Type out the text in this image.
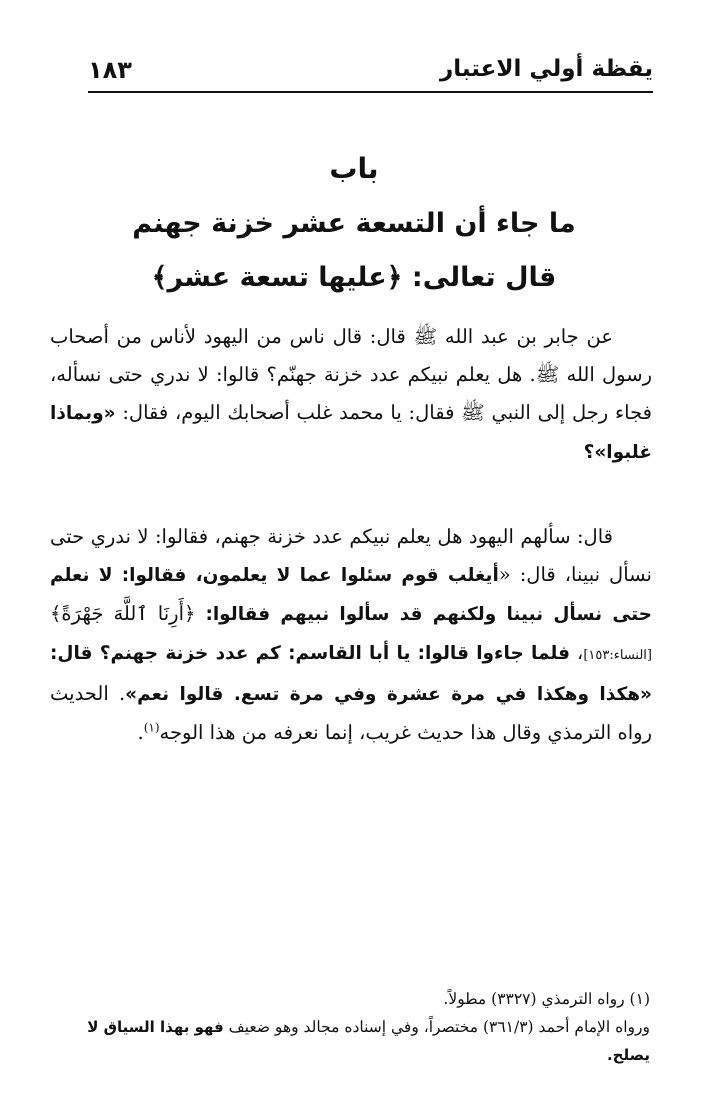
يقظة أولي الاعتبار
١٨٣
باب
ما جاء أن التسعة عشر خزنة جهنم
قال تعالى: ﴿عليها تسعة عشر﴾
  عن جابر بن عبد الله ﷺ قال: قال ناس من اليهود لأناس من أصحاب رسول الله ﷺ. هل يعلم نبيكم عدد خزنة جهنّم؟ قالوا: لا ندري حتى نسأله، فجاء رجل إلى النبي ﷺ فقال: يا محمد غلب أصحابك اليوم، فقال: «وبماذا غلبوا»؟
  قال: سألهم اليهود هل يعلم نبيكم عدد خزنة جهنم، فقالوا: لا ندري حتى نسأل نبينا، قال: «أيغلب قوم سئلوا عما لا يعلمون، فقالوا: لا نعلم حتى نسأل نبينا ولكنهم قد سألوا نبيهم فقالوا: ﴿أَرِنَا ٱللَّهَ جَهْرَةً﴾ [النساء:١٥٣]، فلما جاءوا قالوا: يا أبا القاسم: كم عدد خزنة جهنم؟ قال: «هكذا وهكذا في مرة عشرة وفي مرة تسع. قالوا نعم». الحديث رواه الترمذي وقال هذا حديث غريب، إنما نعرفه من هذا الوجه$^{(١)}$.
(١) رواه الترمذي (٣٣٢٧) مطولاً.
ورواه الإمام أحمد (٣٦١/٣) مختصراً، وفي إسناده مجالد وهو ضعيف فهو بهذا السياق لا يصلح.
